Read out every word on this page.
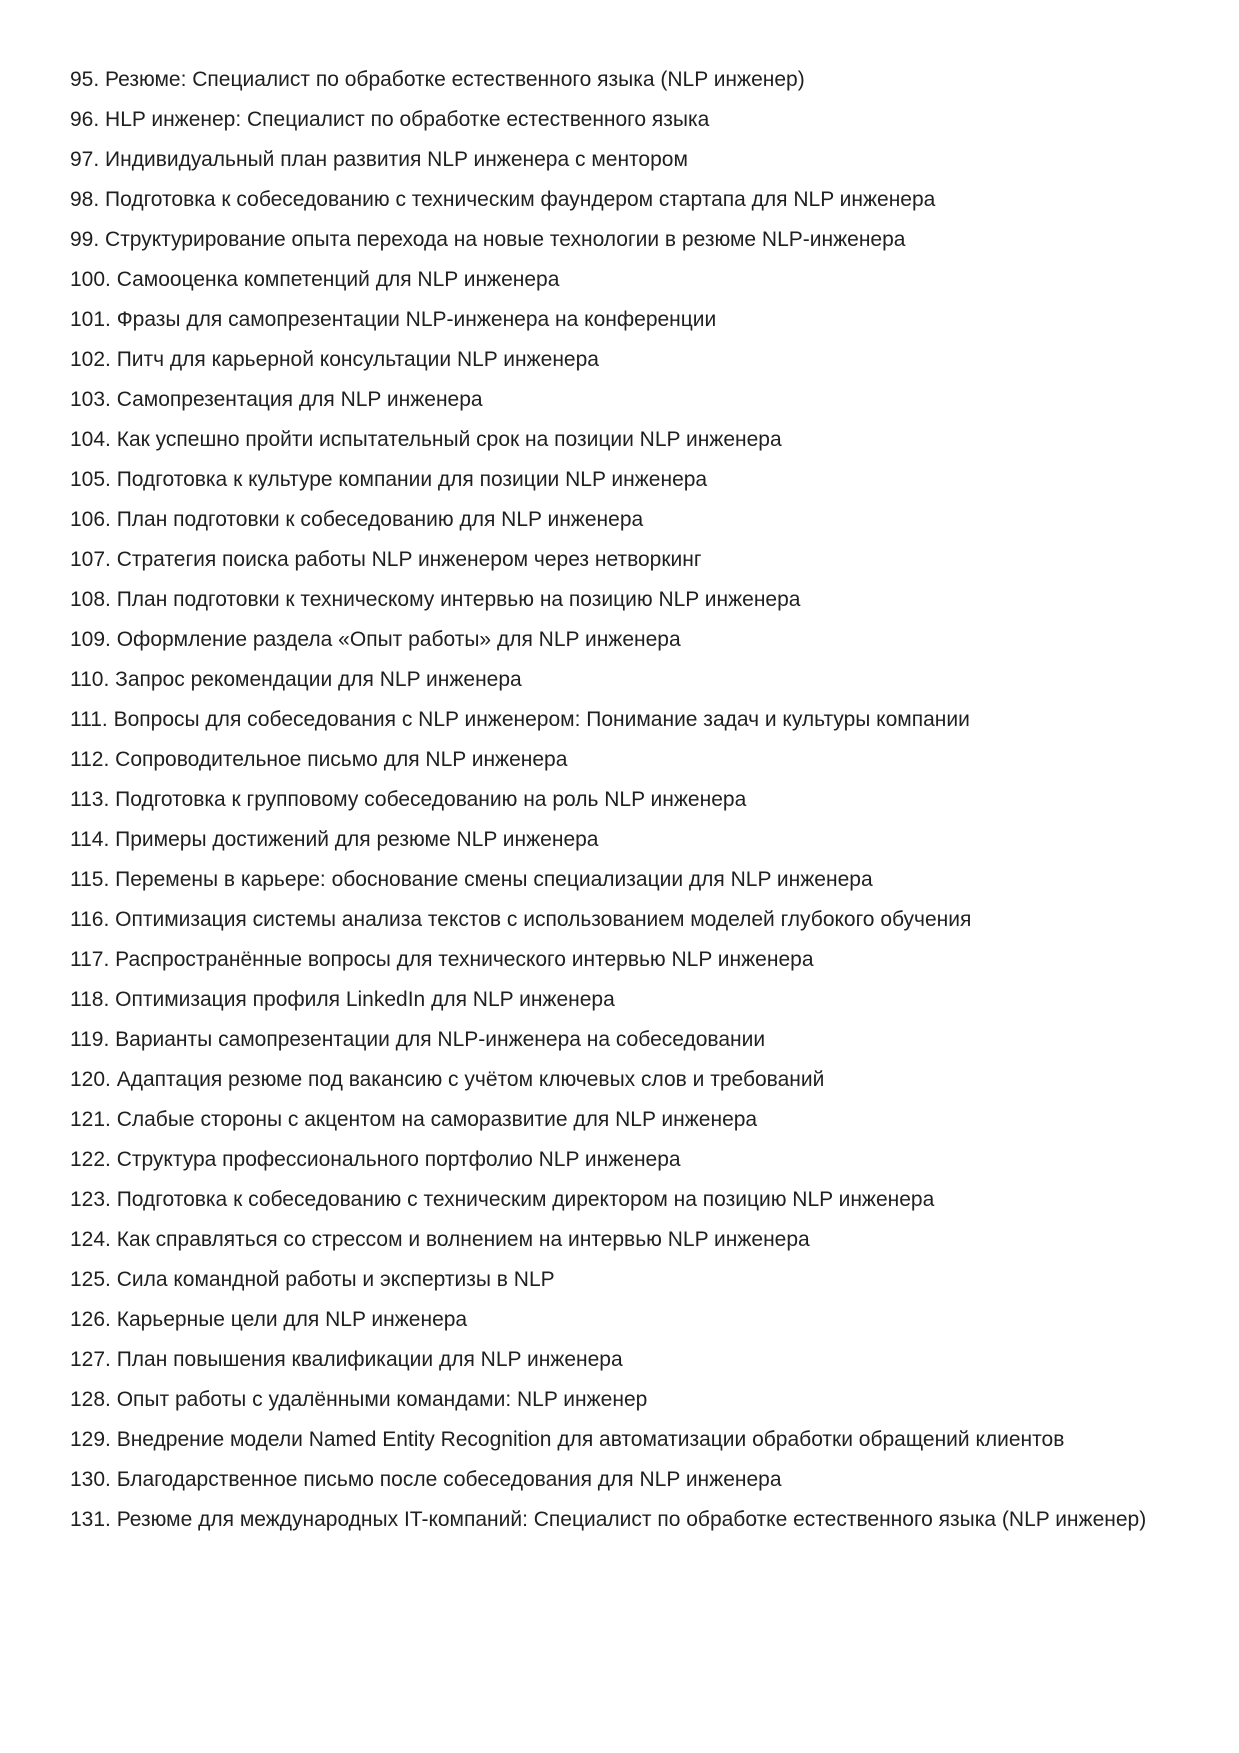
95. Резюме: Специалист по обработке естественного языка (NLP инженер)

96. HLP инженер: Специалист по обработке естественного языка

97. Индивидуальный план развития NLP инженера с ментором

98. Подготовка к собеседованию с техническим фаундером стартапа для NLP инженера

99. Структурирование опыта перехода на новые технологии в резюме NLP-инженера

100. Самооценка компетенций для NLP инженера

101. Фразы для самопрезентации NLP-инженера на конференции

102. Питч для карьерной консультации NLP инженера

103. Самопрезентация для NLP инженера

104. Как успешно пройти испытательный срок на позиции NLP инженера

105. Подготовка к культуре компании для позиции NLP инженера

106. План подготовки к собеседованию для NLP инженера

107. Стратегия поиска работы NLP инженером через нетворкинг

108. План подготовки к техническому интервью на позицию NLP инженера

109. Оформление раздела «Опыт работы» для NLP инженера

110. Запрос рекомендации для NLP инженера

111. Вопросы для собеседования с NLP инженером: Понимание задач и культуры компании

112. Сопроводительное письмо для NLP инженера

113. Подготовка к групповому собеседованию на роль NLP инженера

114. Примеры достижений для резюме NLP инженера

115. Перемены в карьере: обоснование смены специализации для NLP инженера

116. Оптимизация системы анализа текстов с использованием моделей глубокого обучения

117. Распространённые вопросы для технического интервью NLP инженера

118. Оптимизация профиля LinkedIn для NLP инженера

119. Варианты самопрезентации для NLP-инженера на собеседовании

120. Адаптация резюме под вакансию с учётом ключевых слов и требований

121. Слабые стороны с акцентом на саморазвитие для NLP инженера

122. Структура профессионального портфолио NLP инженера

123. Подготовка к собеседованию с техническим директором на позицию NLP инженера

124. Как справляться со стрессом и волнением на интервью NLP инженера

125. Сила командной работы и экспертизы в NLP

126. Карьерные цели для NLP инженера

127. План повышения квалификации для NLP инженера

128. Опыт работы с удалёнными командами: NLP инженер

129. Внедрение модели Named Entity Recognition для автоматизации обработки обращений клиентов

130. Благодарственное письмо после собеседования для NLP инженера

131. Резюме для международных IT-компаний: Специалист по обработке естественного языка (NLP инженер)
